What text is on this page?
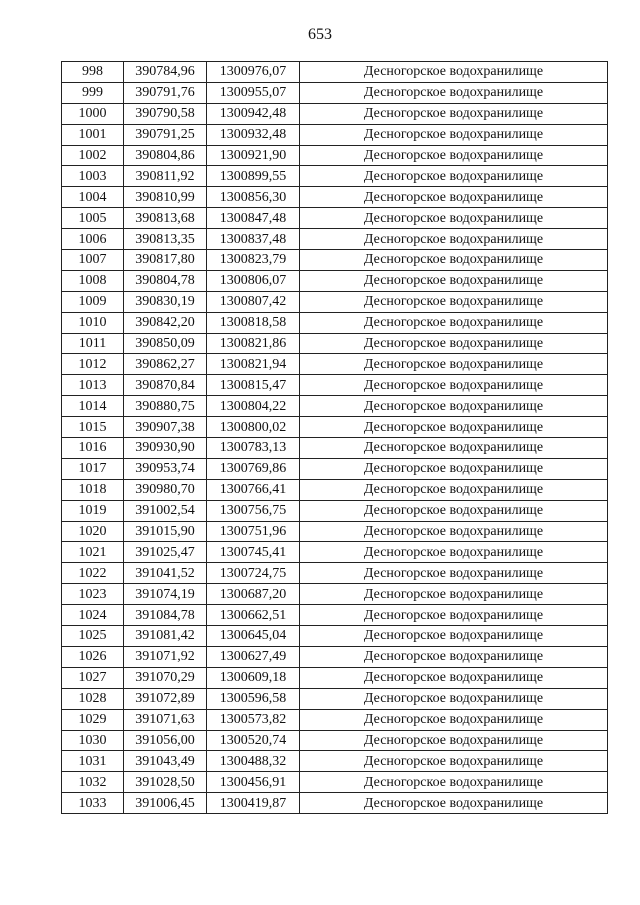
653
998	390784,96	1300976,07	Десногорское водохранилище
999	390791,76	1300955,07	Десногорское водохранилище
1000	390790,58	1300942,48	Десногорское водохранилище
1001	390791,25	1300932,48	Десногорское водохранилище
1002	390804,86	1300921,90	Десногорское водохранилище
1003	390811,92	1300899,55	Десногорское водохранилище
1004	390810,99	1300856,30	Десногорское водохранилище
1005	390813,68	1300847,48	Десногорское водохранилище
1006	390813,35	1300837,48	Десногорское водохранилище
1007	390817,80	1300823,79	Десногорское водохранилище
1008	390804,78	1300806,07	Десногорское водохранилище
1009	390830,19	1300807,42	Десногорское водохранилище
1010	390842,20	1300818,58	Десногорское водохранилище
1011	390850,09	1300821,86	Десногорское водохранилище
1012	390862,27	1300821,94	Десногорское водохранилище
1013	390870,84	1300815,47	Десногорское водохранилище
1014	390880,75	1300804,22	Десногорское водохранилище
1015	390907,38	1300800,02	Десногорское водохранилище
1016	390930,90	1300783,13	Десногорское водохранилище
1017	390953,74	1300769,86	Десногорское водохранилище
1018	390980,70	1300766,41	Десногорское водохранилище
1019	391002,54	1300756,75	Десногорское водохранилище
1020	391015,90	1300751,96	Десногорское водохранилище
1021	391025,47	1300745,41	Десногорское водохранилище
1022	391041,52	1300724,75	Десногорское водохранилище
1023	391074,19	1300687,20	Десногорское водохранилище
1024	391084,78	1300662,51	Десногорское водохранилище
1025	391081,42	1300645,04	Десногорское водохранилище
1026	391071,92	1300627,49	Десногорское водохранилище
1027	391070,29	1300609,18	Десногорское водохранилище
1028	391072,89	1300596,58	Десногорское водохранилище
1029	391071,63	1300573,82	Десногорское водохранилище
1030	391056,00	1300520,74	Десногорское водохранилище
1031	391043,49	1300488,32	Десногорское водохранилище
1032	391028,50	1300456,91	Десногорское водохранилище
1033	391006,45	1300419,87	Десногорское водохранилище
